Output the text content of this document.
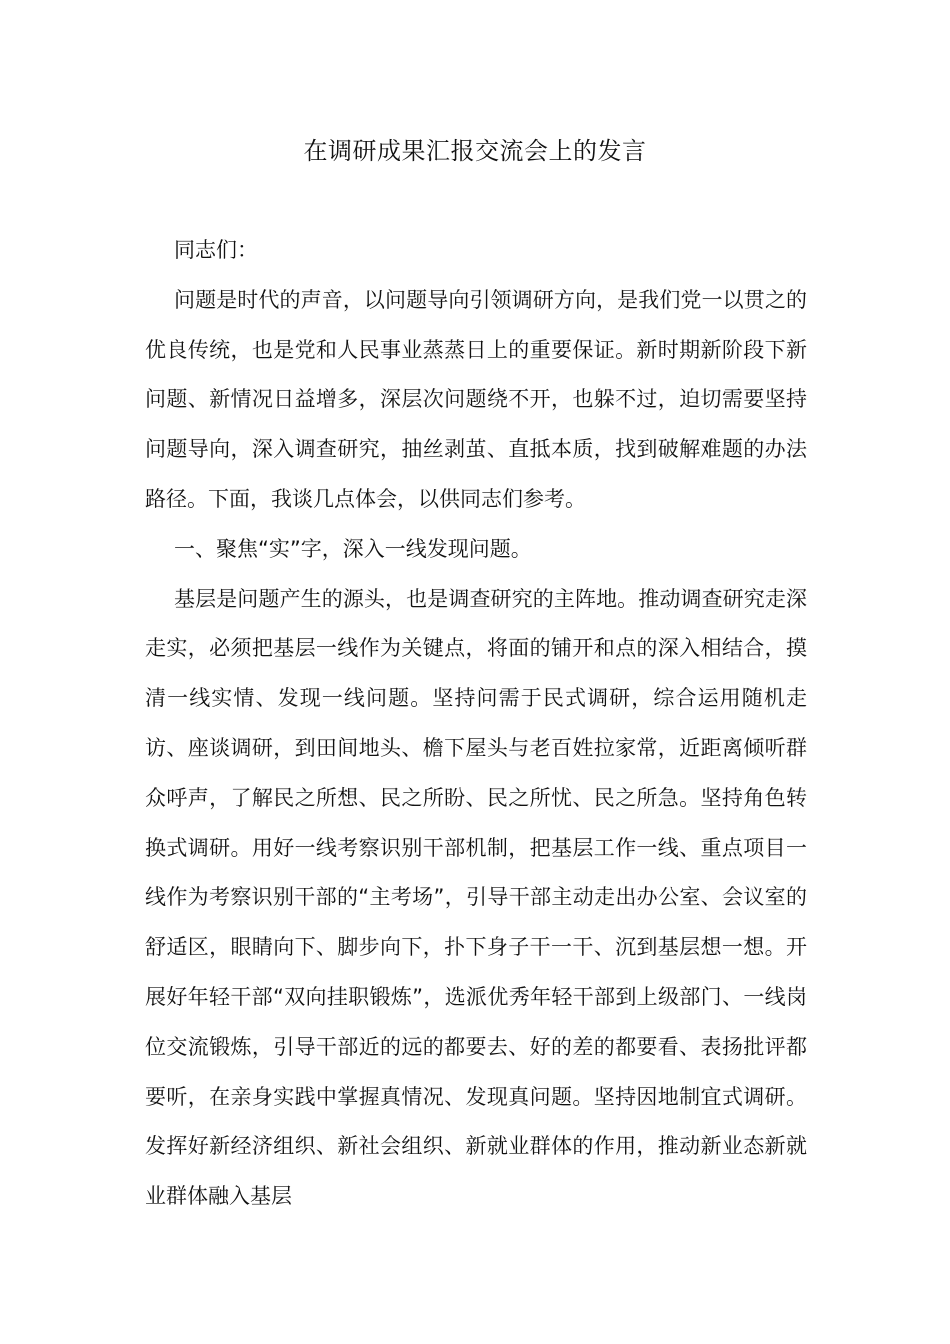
在调研成果汇报交流会上的发言

同志们：

问题是时代的声音，以问题导向引领调研方向，是我们党一以贯之的优良传统，也是党和人民事业蒸蒸日上的重要保证。新时期新阶段下新问题、新情况日益增多，深层次问题绕不开，也躲不过，迫切需要坚持问题导向，深入调查研究，抽丝剥茧、直抵本质，找到破解难题的办法路径。下面，我谈几点体会，以供同志们参考。

一、聚焦“实”字，深入一线发现问题。

基层是问题产生的源头，也是调查研究的主阵地。推动调查研究走深走实，必须把基层一线作为关键点，将面的铺开和点的深入相结合，摸清一线实情、发现一线问题。坚持问需于民式调研，综合运用随机走访、座谈调研，到田间地头、檐下屋头与老百姓拉家常，近距离倾听群众呼声，了解民之所想、民之所盼、民之所忧、民之所急。坚持角色转换式调研。用好一线考察识别干部机制，把基层工作一线、重点项目一线作为考察识别干部的“主考场”，引导干部主动走出办公室、会议室的舒适区，眼睛向下、脚步向下，扑下身子干一干、沉到基层想一想。开展好年轻干部“双向挂职锻炼”，选派优秀年轻干部到上级部门、一线岗位交流锻炼，引导干部近的远的都要去、好的差的都要看、表扬批评都要听，在亲身实践中掌握真情况、发现真问题。坚持因地制宜式调研。发挥好新经济组织、新社会组织、新就业群体的作用，推动新业态新就业群体融入基层
